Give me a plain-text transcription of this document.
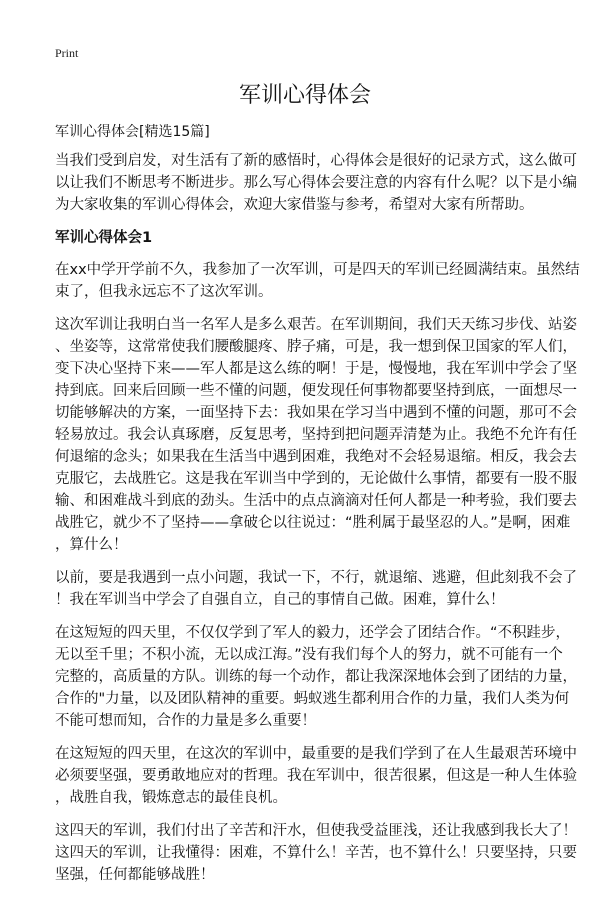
Print
军训心得体会
军训心得体会[精选15篇]
当我们受到启发，对生活有了新的感悟时，心得体会是很好的记录方式，这么做可
以让我们不断思考不断进步。那么写心得体会要注意的内容有什么呢？以下是小编
为大家收集的军训心得体会，欢迎大家借鉴与参考，希望对大家有所帮助。
军训心得体会1
在xx中学开学前不久，我参加了一次军训，可是四天的军训已经圆满结束。虽然结
束了，但我永远忘不了这次军训。
这次军训让我明白当一名军人是多么艰苦。在军训期间，我们天天练习步伐、站姿
、坐姿等，这常常使我们腰酸腿疼、脖子痛，可是，我一想到保卫国家的军人们，
变下决心坚持下来——军人都是这么练的啊！于是，慢慢地，我在军训中学会了坚
持到底。回来后回顾一些不懂的问题，便发现任何事物都要坚持到底，一面想尽一
切能够解决的方案，一面坚持下去：我如果在学习当中遇到不懂的问题，那可不会
轻易放过。我会认真琢磨，反复思考，坚持到把问题弄清楚为止。我绝不允许有任
何退缩的念头；如果我在生活当中遇到困难，我绝对不会轻易退缩。相反，我会去
克服它，去战胜它。这是我在军训当中学到的，无论做什么事情，都要有一股不服
输、和困难战斗到底的劲头。生活中的点点滴滴对任何人都是一种考验，我们要去
战胜它，就少不了坚持——拿破仑以往说过：“胜利属于最坚忍的人。”是啊，困难
，算什么！
以前，要是我遇到一点小问题，我试一下，不行，就退缩、逃避，但此刻我不会了
！我在军训当中学会了自强自立，自己的事情自己做。困难，算什么！
在这短短的四天里，不仅仅学到了军人的毅力，还学会了团结合作。“不积跬步，
无以至千里；不积小流，无以成江海。”没有我们每个人的努力，就不可能有一个
完整的，高质量的方队。训练的每一个动作，都让我深深地体会到了团结的力量，
合作的"力量，以及团队精神的重要。蚂蚁逃生都利用合作的力量，我们人类为何
不能可想而知，合作的力量是多么重要！
在这短短的四天里，在这次的军训中，最重要的是我们学到了在人生最艰苦环境中
必须要坚强，要勇敢地应对的哲理。我在军训中，很苦很累，但这是一种人生体验
，战胜自我，锻炼意志的最佳良机。
这四天的军训，我们付出了辛苦和汗水，但使我受益匪浅，还让我感到我长大了！
这四天的军训，让我懂得：困难，不算什么！辛苦，也不算什么！只要坚持，只要
坚强，任何都能够战胜！
